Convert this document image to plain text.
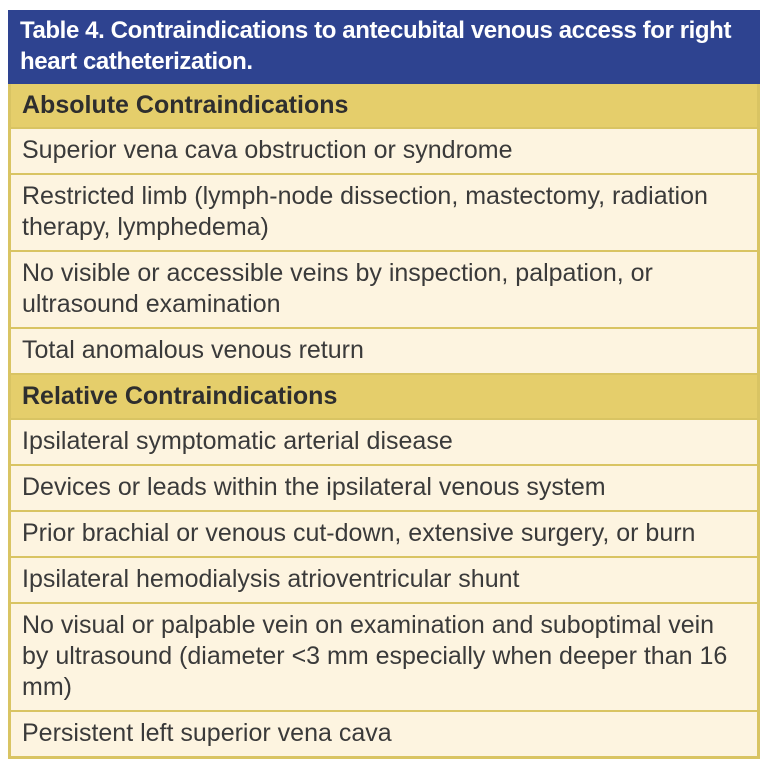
Table 4. Contraindications to antecubital venous access for right heart catheterization.
Absolute Contraindications
Superior vena cava obstruction or syndrome
Restricted limb (lymph-node dissection, mastectomy, radiation therapy, lymphedema)
No visible or accessible veins by inspection, palpation, or ultrasound examination
Total anomalous venous return
Relative Contraindications
Ipsilateral symptomatic arterial disease
Devices or leads within the ipsilateral venous system
Prior brachial or venous cut-down, extensive surgery, or burn
Ipsilateral hemodialysis atrioventricular shunt
No visual or palpable vein on examination and suboptimal vein by ultrasound (diameter <3 mm especially when deeper than 16 mm)
Persistent left superior vena cava
